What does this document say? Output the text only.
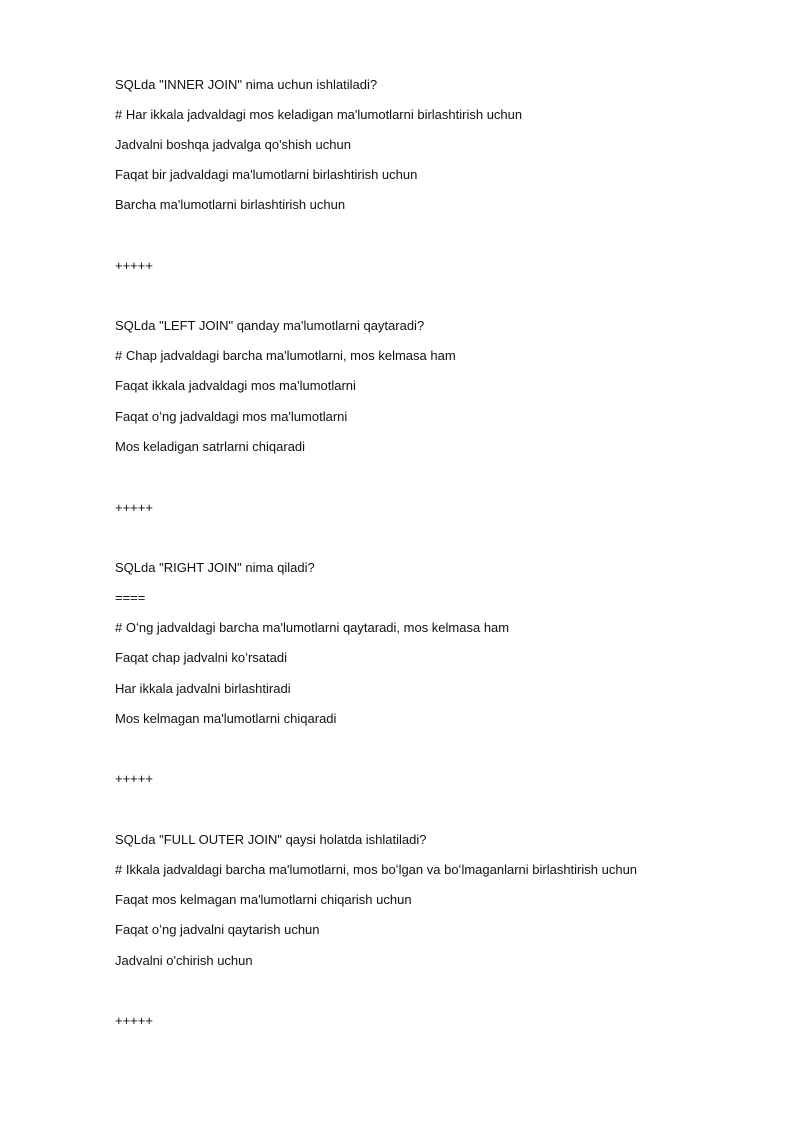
SQLda "INNER JOIN" nima uchun ishlatiladi?
# Har ikkala jadvaldagi mos keladigan ma'lumotlarni birlashtirish uchun
Jadvalni boshqa jadvalga qo'shish uchun
Faqat bir jadvaldagi ma'lumotlarni birlashtirish uchun
Barcha ma'lumotlarni birlashtirish uchun
+++++
SQLda "LEFT JOIN" qanday ma'lumotlarni qaytaradi?
# Chap jadvaldagi barcha ma'lumotlarni, mos kelmasa ham
Faqat ikkala jadvaldagi mos ma'lumotlarni
Faqat oʻng jadvaldagi mos ma'lumotlarni
Mos keladigan satrlarni chiqaradi
+++++
SQLda "RIGHT JOIN" nima qiladi?
====
# Oʻng jadvaldagi barcha ma'lumotlarni qaytaradi, mos kelmasa ham
Faqat chap jadvalni koʻrsatadi
Har ikkala jadvalni birlashtiradi
Mos kelmagan ma'lumotlarni chiqaradi
+++++
SQLda "FULL OUTER JOIN" qaysi holatda ishlatiladi?
# Ikkala jadvaldagi barcha ma'lumotlarni, mos boʻlgan va boʻlmaganlarni birlashtirish uchun
Faqat mos kelmagan ma'lumotlarni chiqarish uchun
Faqat oʻng jadvalni qaytarish uchun
Jadvalni o'chirish uchun
+++++
